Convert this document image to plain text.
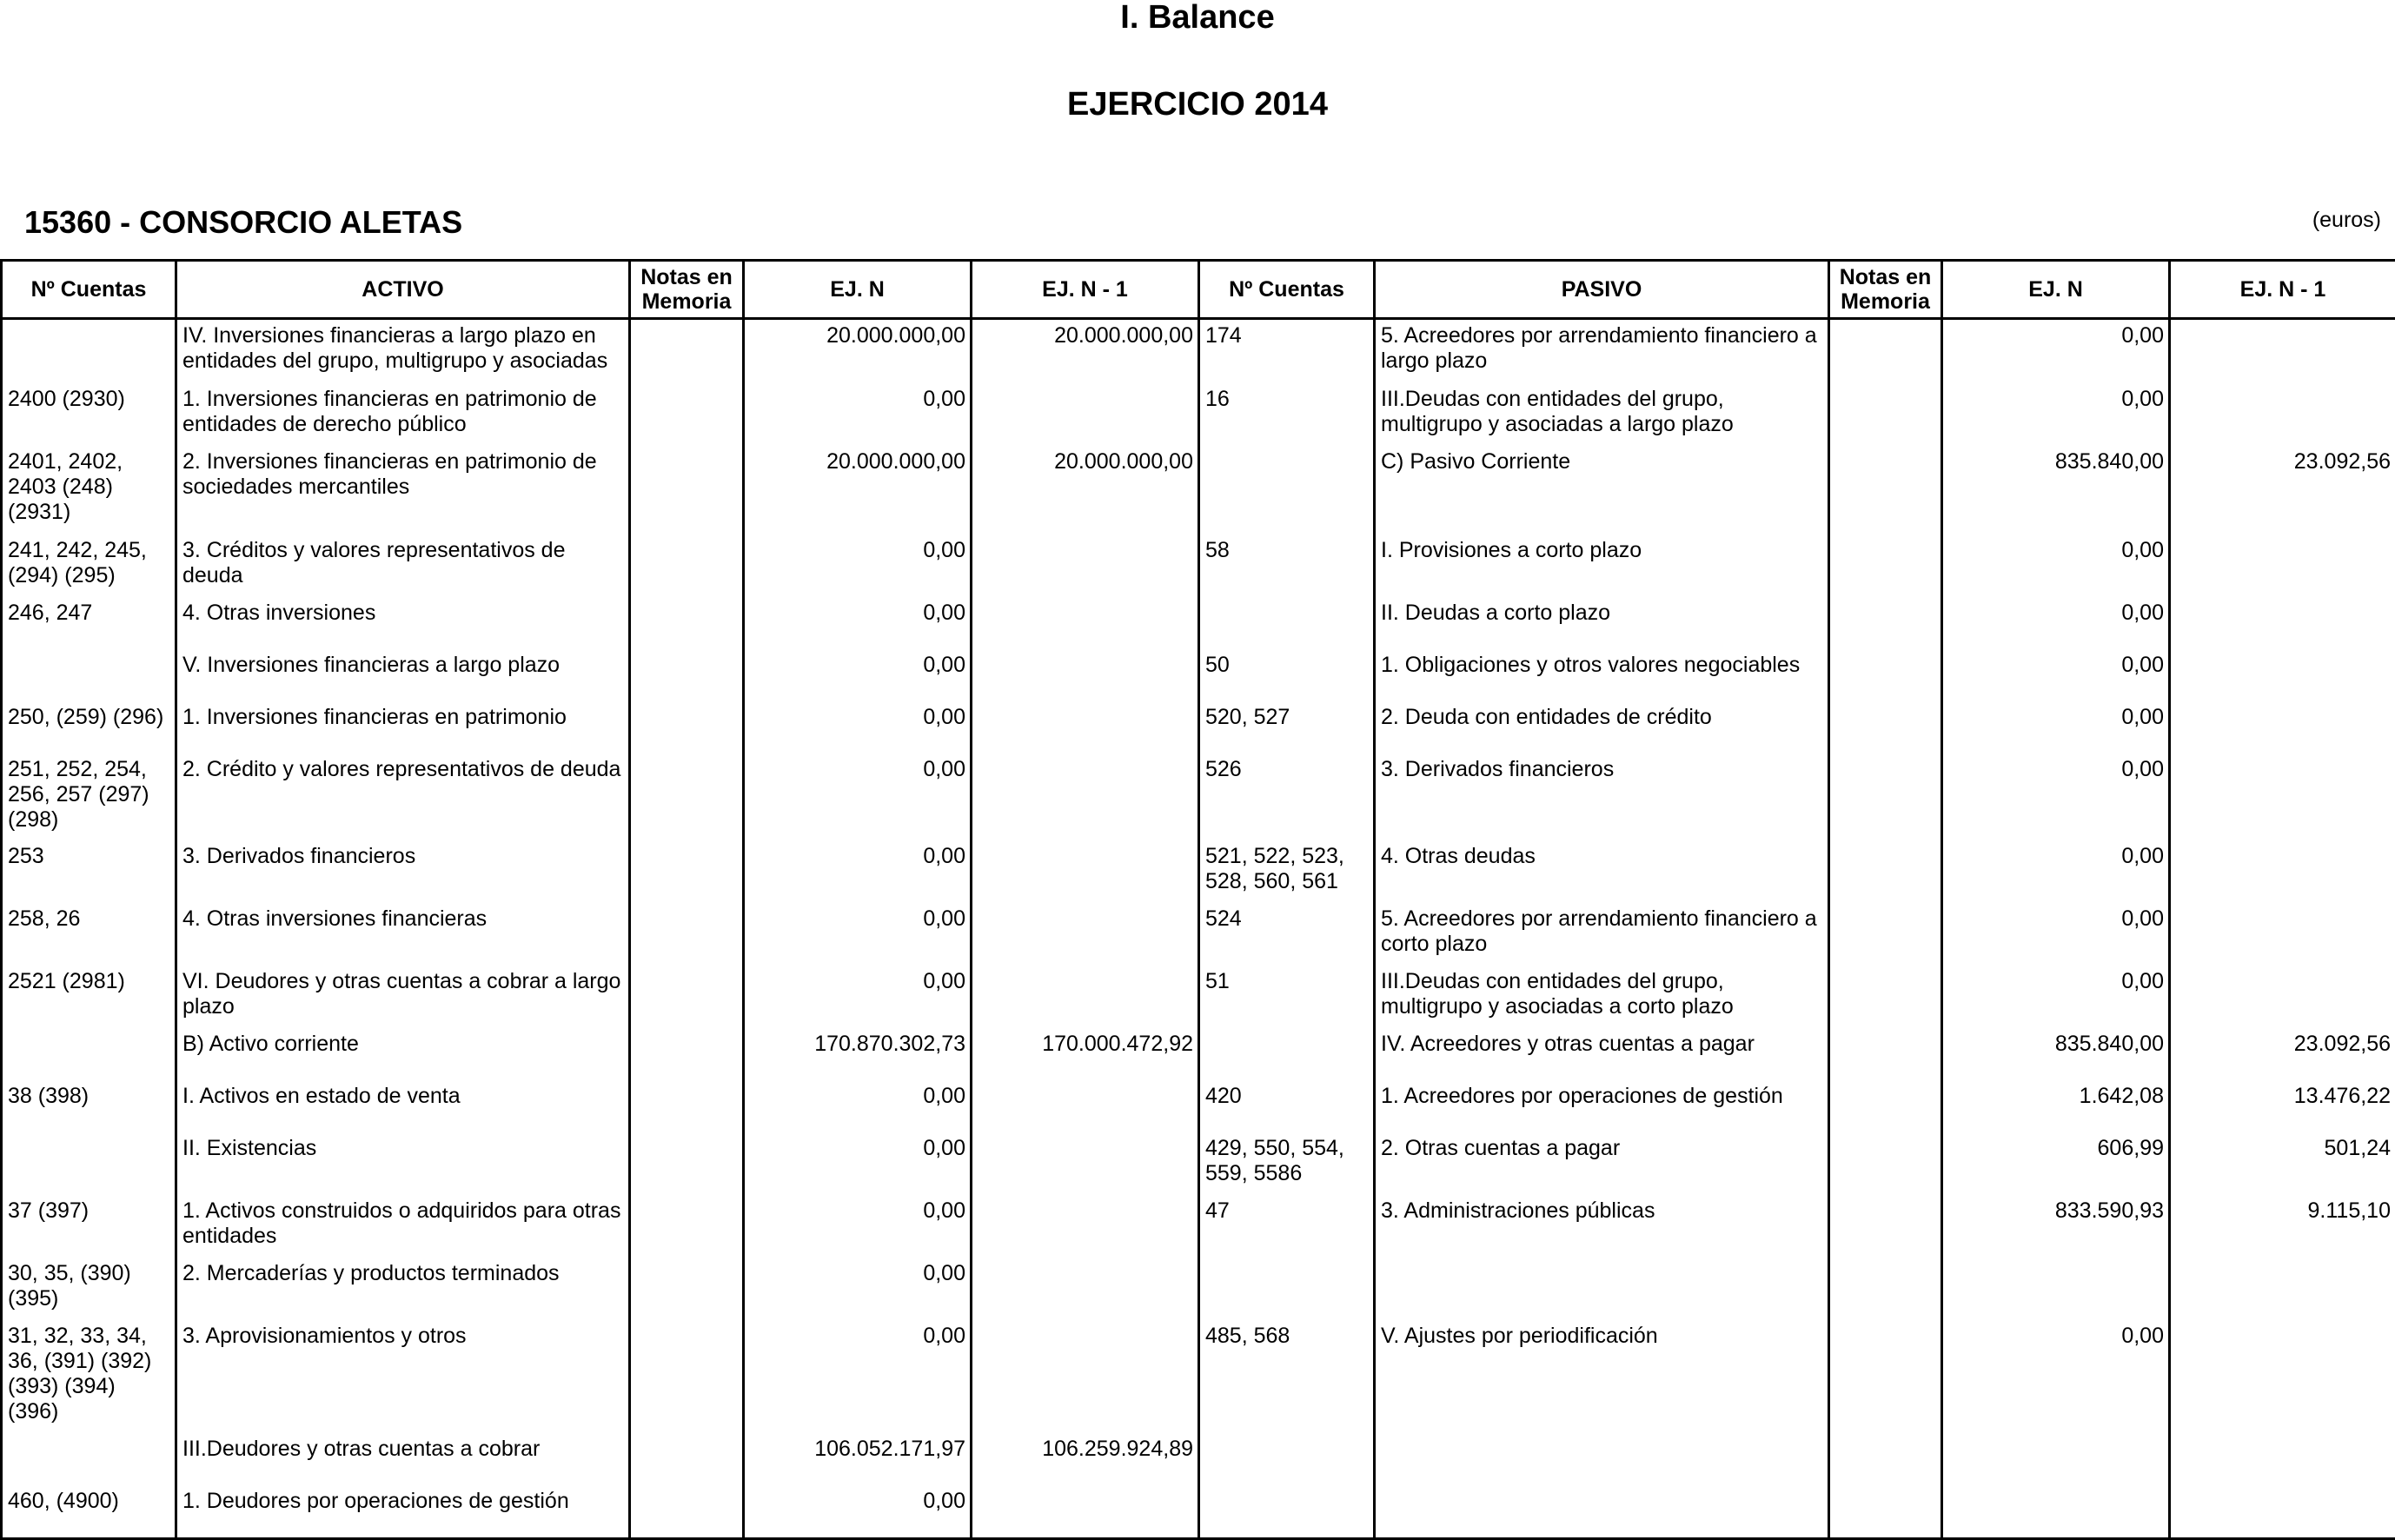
I. Balance
EJERCICIO 2014
15360 - CONSORCIO ALETAS	(euros)
Nº Cuentas	ACTIVO	Notas en Memoria	EJ. N	EJ. N - 1	Nº Cuentas	PASIVO	Notas en Memoria	EJ. N	EJ. N - 1
	IV. Inversiones financieras a largo plazo en entidades del grupo, multigrupo y asociadas		20.000.000,00	20.000.000,00	174	5. Acreedores por arrendamiento financiero a largo plazo		0,00	
2400 (2930)	1. Inversiones financieras en patrimonio de entidades de derecho público		0,00		16	III.Deudas con entidades del grupo, multigrupo y asociadas a largo plazo		0,00	
2401, 2402, 2403 (248) (2931)	2. Inversiones financieras en patrimonio de sociedades mercantiles		20.000.000,00	20.000.000,00		C) Pasivo Corriente		835.840,00	23.092,56
241, 242, 245, (294) (295)	3. Créditos y valores representativos de deuda		0,00		58	I. Provisiones a corto plazo		0,00	
246, 247	4. Otras inversiones		0,00			II. Deudas a corto plazo		0,00	
	V. Inversiones financieras a largo plazo		0,00		50	1. Obligaciones y otros valores negociables		0,00	
250, (259) (296)	1. Inversiones financieras en patrimonio		0,00		520, 527	2. Deuda con entidades de crédito		0,00	
251, 252, 254, 256, 257 (297) (298)	2. Crédito y valores representativos de deuda		0,00		526	3. Derivados financieros		0,00	
253	3. Derivados financieros		0,00		521, 522, 523, 528, 560, 561	4. Otras deudas		0,00	
258, 26	4. Otras inversiones financieras		0,00		524	5. Acreedores por arrendamiento financiero a corto plazo		0,00	
2521 (2981)	VI. Deudores y otras cuentas a cobrar a largo plazo		0,00		51	III.Deudas con entidades del grupo, multigrupo y asociadas a corto plazo		0,00	
	B) Activo corriente		170.870.302,73	170.000.472,92		IV. Acreedores y otras cuentas a pagar		835.840,00	23.092,56
38 (398)	I. Activos en estado de venta		0,00		420	1. Acreedores por operaciones de gestión		1.642,08	13.476,22
	II. Existencias		0,00		429, 550, 554, 559, 5586	2. Otras cuentas a pagar		606,99	501,24
37 (397)	1. Activos construidos o adquiridos para otras entidades		0,00		47	3. Administraciones públicas		833.590,93	9.115,10
30, 35, (390) (395)	2. Mercaderías y productos terminados		0,00						
31, 32, 33, 34, 36, (391) (392) (393) (394) (396)	3. Aprovisionamientos y otros		0,00		485, 568	V. Ajustes por periodificación		0,00	
	III.Deudores y otras cuentas a cobrar		106.052.171,97	106.259.924,89					
460, (4900)	1. Deudores por operaciones de gestión		0,00						
